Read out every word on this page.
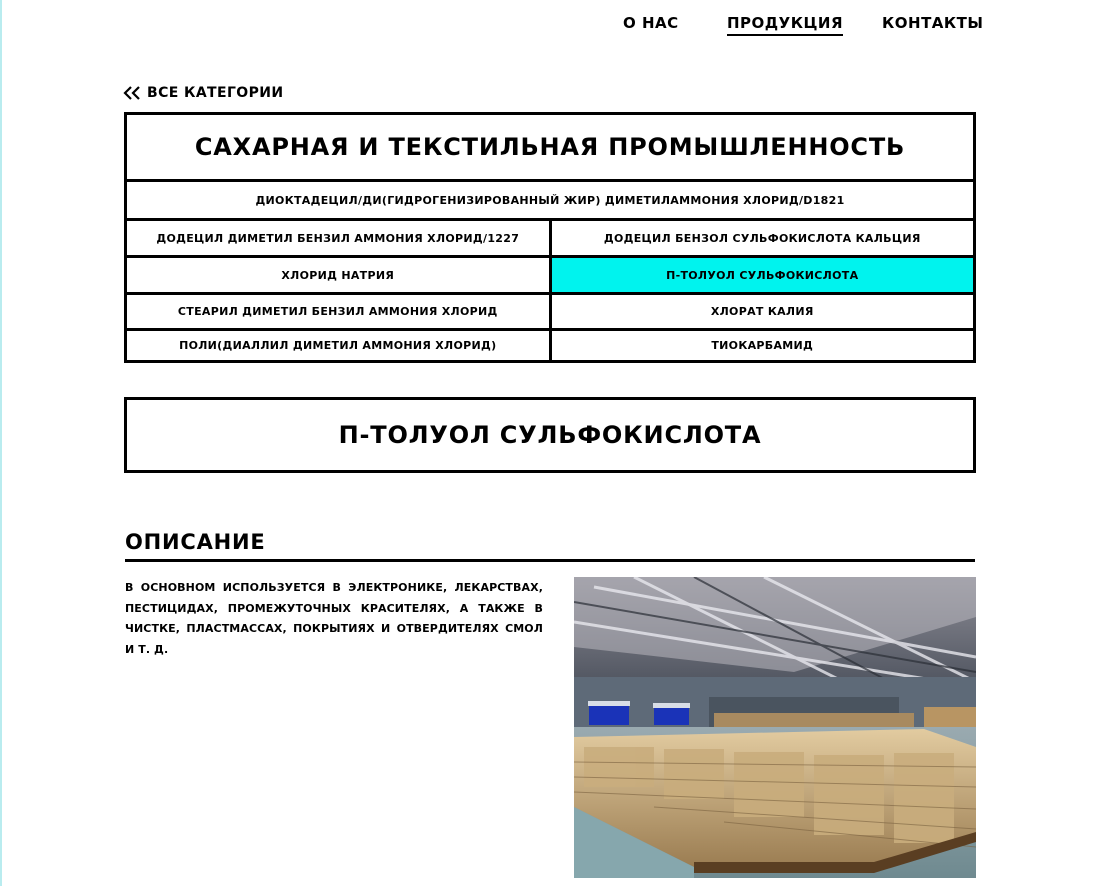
О НАС	ПРОДУКЦИЯ	КОНТАКТЫ
ВСЕ КАТЕГОРИИ
САХАРНАЯ И ТЕКСТИЛЬНАЯ ПРОМЫШЛЕННОСТЬ
ДИОКТАДЕЦИЛ/ДИ(ГИДРОГЕНИЗИРОВАННЫЙ ЖИР) ДИМЕТИЛАММОНИЯ ХЛОРИД/D1821
ДОДЕЦИЛ ДИМЕТИЛ БЕНЗИЛ АММОНИЯ ХЛОРИД/1227	ДОДЕЦИЛ БЕНЗОЛ СУЛЬФОКИСЛОТА КАЛЬЦИЯ
ХЛОРИД НАТРИЯ	П-ТОЛУОЛ СУЛЬФОКИСЛОТА
СТЕАРИЛ ДИМЕТИЛ БЕНЗИЛ АММОНИЯ ХЛОРИД	ХЛОРАТ КАЛИЯ
ПОЛИ(ДИАЛЛИЛ ДИМЕТИЛ АММОНИЯ ХЛОРИД)	ТИОКАРБАМИД
П-ТОЛУОЛ СУЛЬФОКИСЛОТА
ОПИСАНИЕ

В ОСНОВНОМ ИСПОЛЬЗУЕТСЯ В ЭЛЕКТРОНИКЕ, ЛЕКАРСТВАХ, ПЕСТИЦИДАХ, ПРОМЕЖУТОЧНЫХ КРАСИТЕЛЯХ, А ТАКЖЕ В ЧИСТКЕ, ПЛАСТМАССАХ, ПОКРЫТИЯХ И ОТВЕРДИТЕЛЯХ СМОЛ И Т. Д.
